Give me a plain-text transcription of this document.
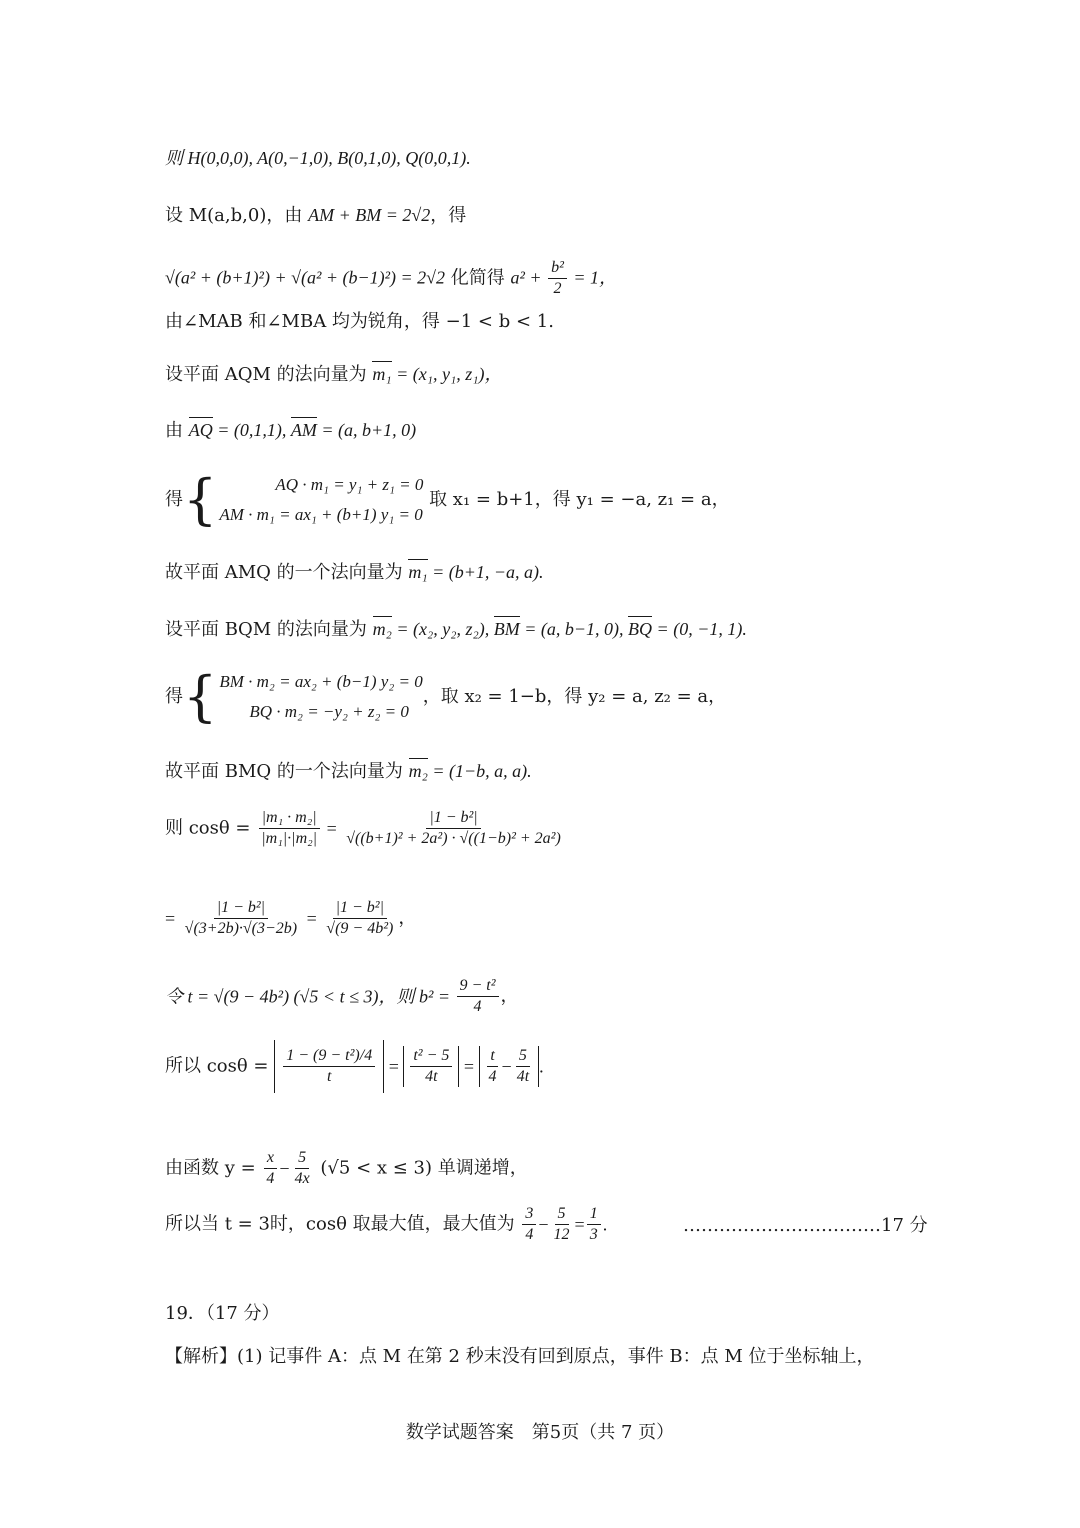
则 H(0,0,0), A(0,−1,0), B(0,1,0), Q(0,0,1).
设 M(a,b,0)，由 AM + BM = 2√2，得
√(a² + (b+1)²) + √(a² + (b−1)²) = 2√2 化简得 $a^2 + \frac{\text{b²}}{2} = 1$，
由∠MAB 和∠MBA 均为锐角，得 −1 < b < 1.
设平面 AQM 的法向量为 m₁ = (x₁, y₁, z₁)，
由 AQ = (0,1,1), AM = (a, b+1, 0)
得 {	AQ · m₁ = y₁ + z₁ = 0
AM · m₁ = ax₁ + (b+1) y₁ = 0
取 x₁ = b+1，得 y₁ = −a, z₁ = a，
故平面 AMQ 的一个法向量为 m₁ = (b+1, −a, a).
设平面 BQM 的法向量为 m₂ = (x₂, y₂, z₂), BM = (a, b−1, 0), BQ = (0, −1, 1).
得 { BM · m₂ = ax₂ + (b−1) y₂ = 0
BQ · m₂ = −y₂ + z₂ = 0
，取 x₂ = 1−b，得 y₂ = a, z₂ = a，
故平面 BMQ 的一个法向量为 m₂ = (1−b, a, a).
则 $\cos\theta = \frac{\text{|m₁ · m₂|}}{\text{|m₁|·|m₂|}} = \frac{\text{|1 − b²|}}{\text{√((b+1)² + 2a²) · √((1−b)² + 2a²)}}$
= $\frac{\text{|1 − b²|}}{√(3+2b)\cdot√(3-2b)} = \frac{\text{|1 − b²|}}{\text{√(9 − 4b²)}}$ ，
令 t = √(9 − 4b²) (√5 < t ≤ 3)，则 $b^2 = \frac{\text{9 − t²}}{4}$ ，
所以 $\cos\theta = \frac{\text{1 − (9 − t²)/4}}{t} = \frac{\text{t² − 5}}{4t} = \frac{t}{4} - \frac{5}{4t}$ .
由函数 $y = \frac{x}{4} - \frac{5}{4x} (√5 < x \le 3)$ 单调递增，
所以当 t = 3时，cosθ 取最大值，最大值为 $\frac{3}{4} - \frac{5}{12} = \frac{1}{3}$ .	……………………………17 分
19．（17 分）
【解析】(1) 记事件 A：点 M 在第 2 秒末没有回到原点，事件 B：点 M 位于坐标轴上，
数学试题答案　第5页（共 7 页）
